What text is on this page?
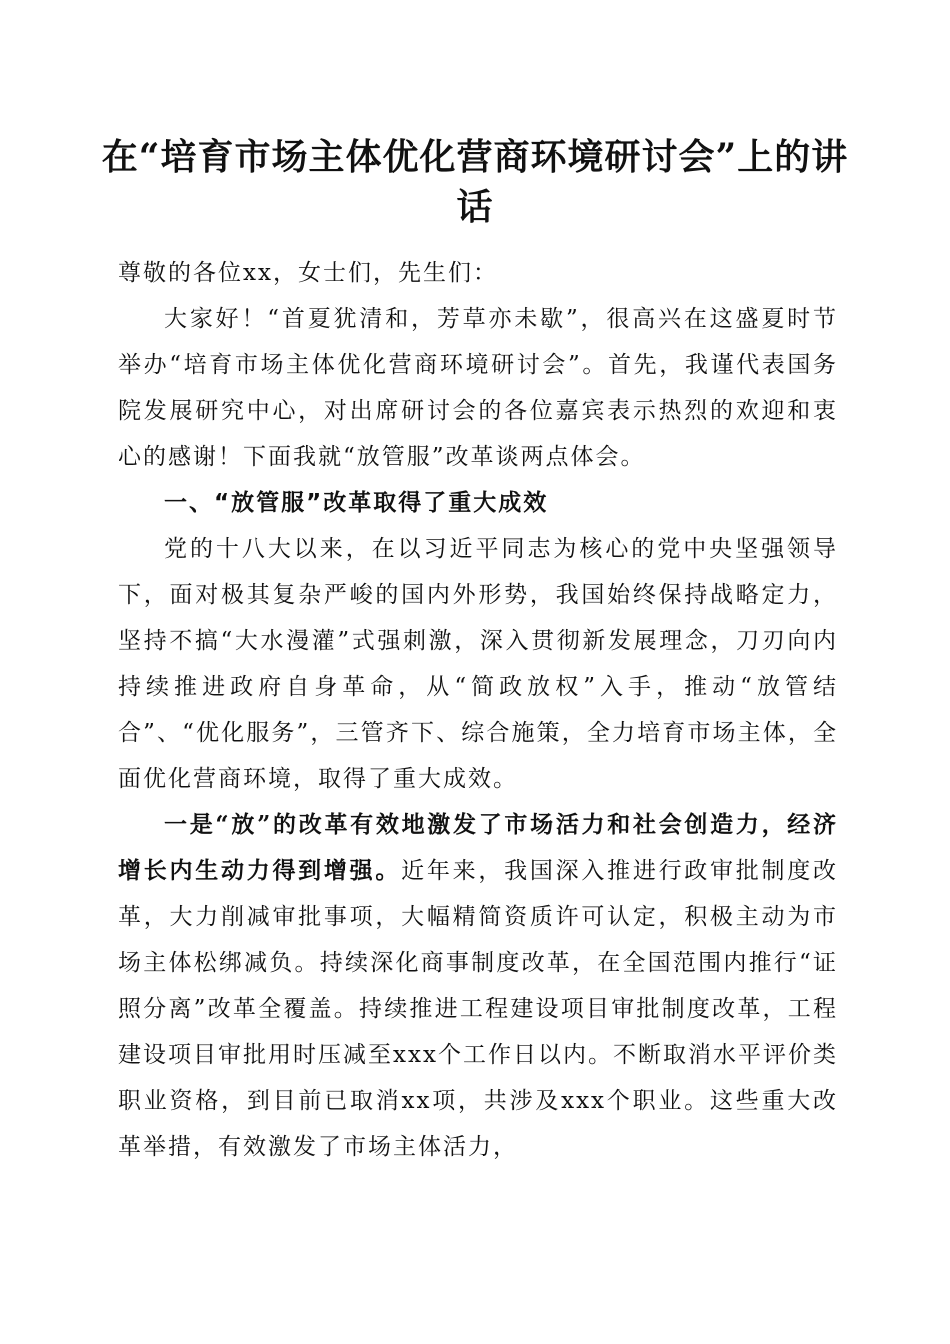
在“培育市场主体优化营商环境研讨会”上的讲话

尊敬的各位xx，女士们，先生们：

大家好！“首夏犹清和，芳草亦未歇”，很高兴在这盛夏时节举办“培育市场主体优化营商环境研讨会”。首先，我谨代表国务院发展研究中心，对出席研讨会的各位嘉宾表示热烈的欢迎和衷心的感谢！下面我就“放管服”改革谈两点体会。

一、“放管服”改革取得了重大成效

党的十八大以来，在以习近平同志为核心的党中央坚强领导下，面对极其复杂严峻的国内外形势，我国始终保持战略定力，坚持不搞“大水漫灌”式强刺激，深入贯彻新发展理念，刀刃向内持续推进政府自身革命，从“简政放权”入手，推动“放管结合”、“优化服务”，三管齐下、综合施策，全力培育市场主体，全面优化营商环境，取得了重大成效。

一是“放”的改革有效地激发了市场活力和社会创造力，经济增长内生动力得到增强。近年来，我国深入推进行政审批制度改革，大力削减审批事项，大幅精简资质许可认定，积极主动为市场主体松绑减负。持续深化商事制度改革，在全国范围内推行“证照分离”改革全覆盖。持续推进工程建设项目审批制度改革，工程建设项目审批用时压减至xxx个工作日以内。不断取消水平评价类职业资格，到目前已取消xx项，共涉及xxx个职业。这些重大改革举措，有效激发了市场主体活力，
